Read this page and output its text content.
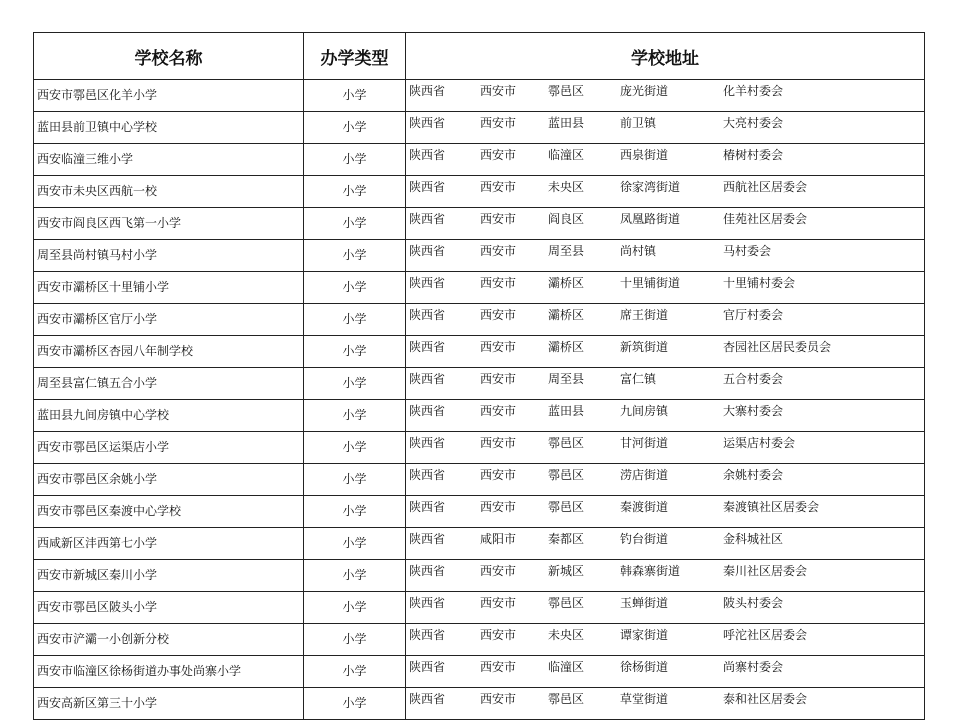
学校名称	办学类型	学校地址
西安市鄠邑区化羊小学	小学	陕西省 西安市 鄠邑区 庞光街道 化羊村委会
蓝田县前卫镇中心学校	小学	陕西省 西安市 蓝田县 前卫镇 大亮村委会
西安临潼三维小学	小学	陕西省 西安市 临潼区 西泉街道 椿树村委会
西安市未央区西航一校	小学	陕西省 西安市 未央区 徐家湾街道 西航社区居委会
西安市阎良区西飞第一小学	小学	陕西省 西安市 阎良区 凤凰路街道 佳苑社区居委会
周至县尚村镇马村小学	小学	陕西省 西安市 周至县 尚村镇 马村委会
西安市灞桥区十里铺小学	小学	陕西省 西安市 灞桥区 十里铺街道 十里铺村委会
西安市灞桥区官厅小学	小学	陕西省 西安市 灞桥区 席王街道 官厅村委会
西安市灞桥区杏园八年制学校	小学	陕西省 西安市 灞桥区 新筑街道 杏园社区居民委员会
周至县富仁镇五合小学	小学	陕西省 西安市 周至县 富仁镇 五合村委会
蓝田县九间房镇中心学校	小学	陕西省 西安市 蓝田县 九间房镇 大寨村委会
西安市鄠邑区运渠店小学	小学	陕西省 西安市 鄠邑区 甘河街道 运渠店村委会
西安市鄠邑区余姚小学	小学	陕西省 西安市 鄠邑区 涝店街道 余姚村委会
西安市鄠邑区秦渡中心学校	小学	陕西省 西安市 鄠邑区 秦渡街道 秦渡镇社区居委会
西咸新区沣西第七小学	小学	陕西省 咸阳市 秦都区 钓台街道 金科城社区
西安市新城区秦川小学	小学	陕西省 西安市 新城区 韩森寨街道 秦川社区居委会
西安市鄠邑区陂头小学	小学	陕西省 西安市 鄠邑区 玉蝉街道 陂头村委会
西安市浐灞一小创新分校	小学	陕西省 西安市 未央区 谭家街道 呼沱社区居委会
西安市临潼区徐杨街道办事处尚寨小学	小学	陕西省 西安市 临潼区 徐杨街道 尚寨村委会
西安高新区第三十小学	小学	陕西省 西安市 鄠邑区 草堂街道 泰和社区居委会
